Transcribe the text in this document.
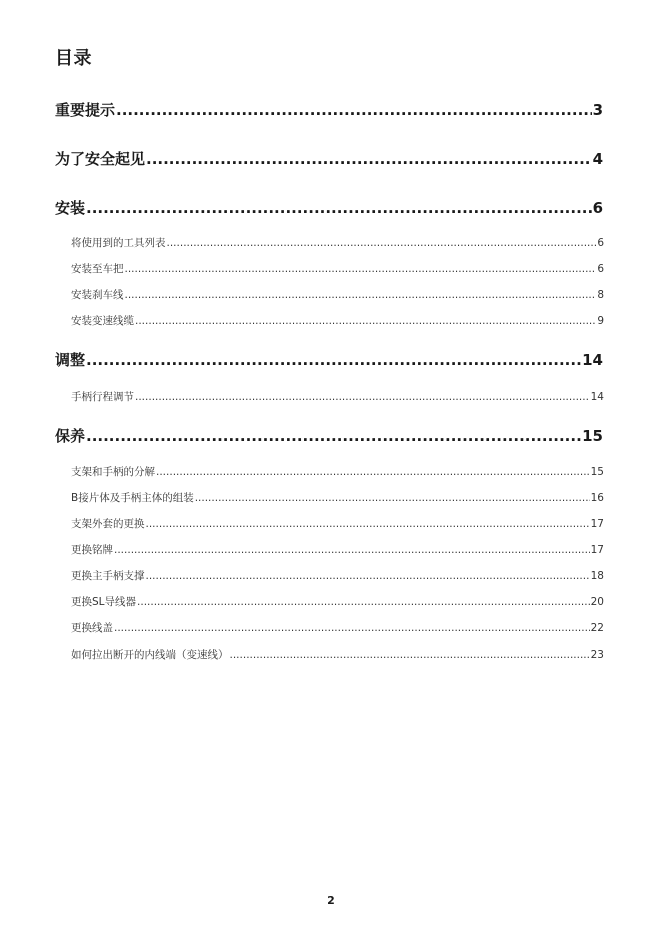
目录
重要提示 .....	3
为了安全起见 .....	4
安装 .....	6
将使用到的工具列表 .....	6
安装至车把 .....	6
安装刹车线 .....	8
安装变速线缆 .....	9
调整 .....	14
手柄行程调节 .....	14
保养 .....	15
支架和手柄的分解 .....	15
B接片体及手柄主体的组装 .....	16
支架外套的更换 .....	17
更换铭牌 .....	17
更换主手柄支撑 .....	18
更换SL导线器 .....	20
更换线盖 .....	22
如何拉出断开的内线端（变速线） .....	23
2
